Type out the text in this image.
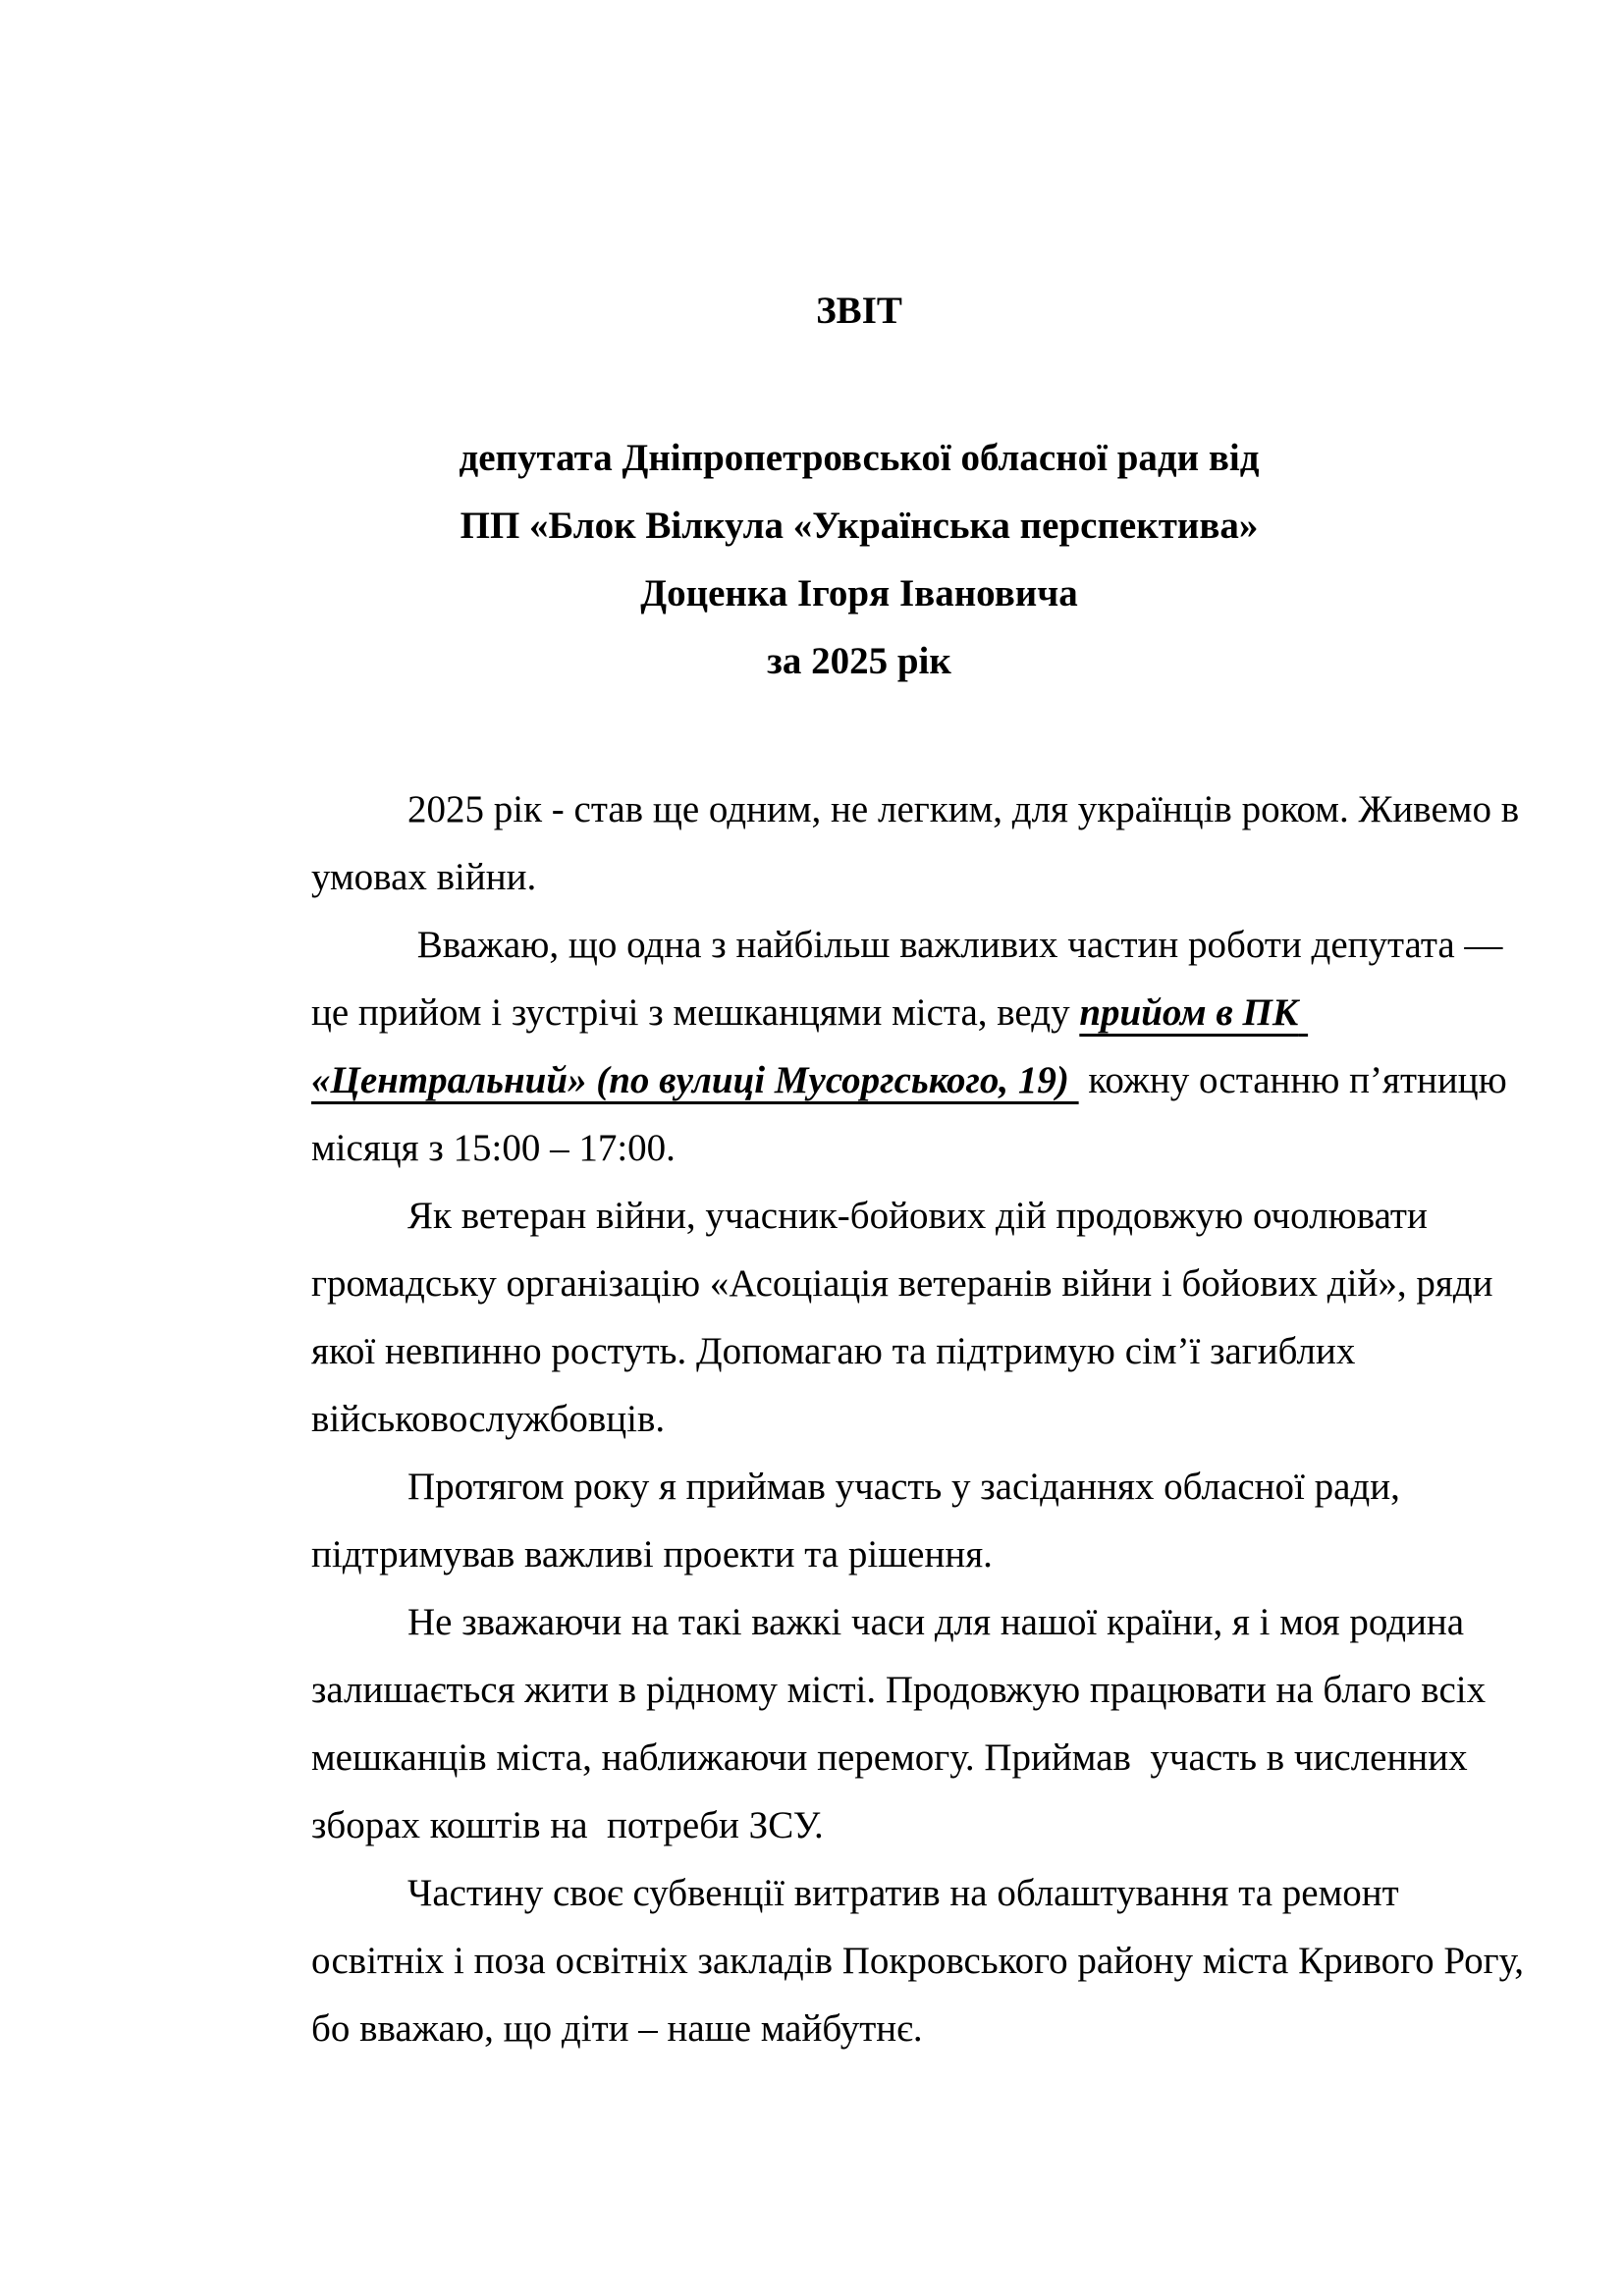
ЗВІТ
депутата Дніпропетровської обласної ради від
ПП «Блок Вілкула «Українська перспектива»
Доценка Ігоря Івановича
за 2025 рік

2025 рік - став ще одним, не легким, для українців роком. Живемо в умовах війни.

Вважаю, що одна з найбільш важливих частин роботи депутата — це прийом і зустрічі з мешканцями міста, веду прийом в ПК «Центральний» (по вулиці Мусоргського, 19)  кожну останню п’ятницю місяця з 15:00 – 17:00.

Як ветеран війни, учасник-бойових дій продовжую очолювати громадську організацію «Асоціація ветеранів війни і бойових дій», ряди якої невпинно ростуть. Допомагаю та підтримую сім’ї загиблих військовослужбовців.

Протягом року я приймав участь у засіданнях обласної ради, підтримував важливі проекти та рішення.

Не зважаючи на такі важкі часи для нашої країни, я і моя родина залишається жити в рідному місті. Продовжую працювати на благо всіх мешканців міста, наближаючи перемогу. Приймав  участь в численних зборах коштів на  потреби ЗСУ.

Частину своє субвенції витратив на облаштування та ремонт освітніх і поза освітніх закладів Покровського району міста Кривого Рогу, бо вважаю, що діти – наше майбутнє.
